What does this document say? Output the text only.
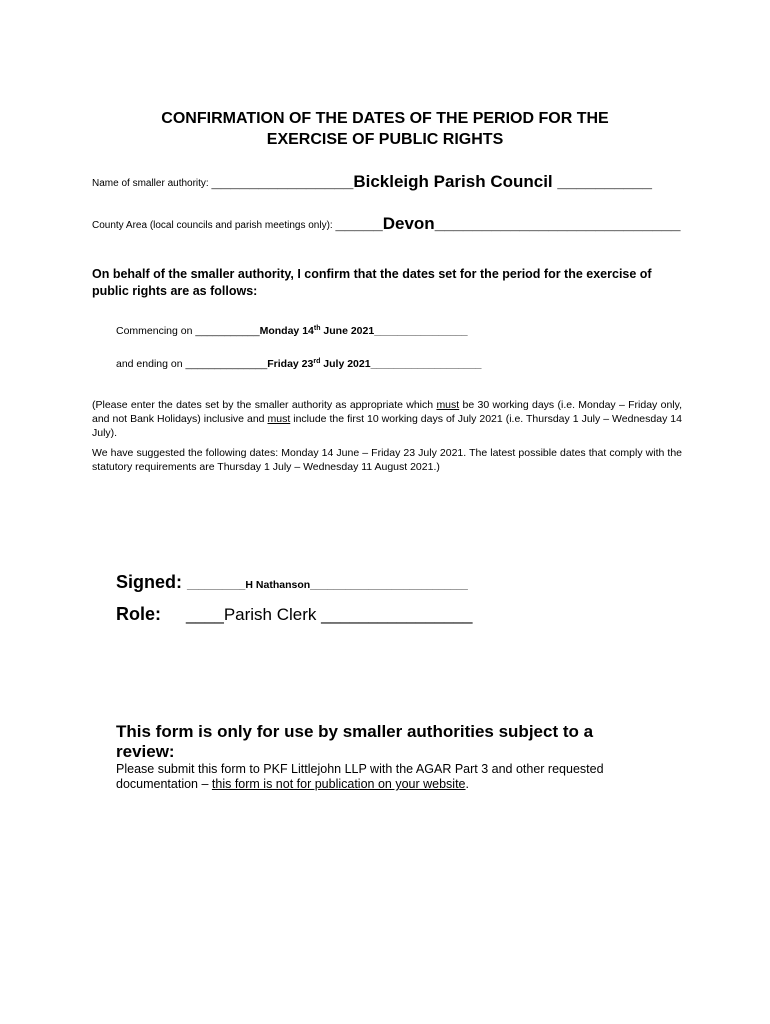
CONFIRMATION OF THE DATES OF THE PERIOD FOR THE
EXERCISE OF PUBLIC RIGHTS
Name of smaller authority: _______________Bickleigh Parish Council __________
County Area (local councils and parish meetings only): _____Devon__________________________
On behalf of the smaller authority, I confirm that the dates set for the period for the exercise of public rights are as follows:
Commencing on ___________Monday 14th June 2021________________
and ending on ______________Friday 23rd July 2021___________________
(Please enter the dates set by the smaller authority as appropriate which must be 30 working days (i.e. Monday – Friday only, and not Bank Holidays) inclusive and must include the first 10 working days of July 2021 (i.e. Thursday 1 July – Wednesday 14 July).
We have suggested the following dates: Monday 14 June – Friday 23 July 2021. The latest possible dates that comply with the statutory requirements are Thursday 1 July – Wednesday 11 August 2021.)
Signed: __________H Nathanson___________________________
Role: ____Parish Clerk ________________
This form is only for use by smaller authorities subject to a review:
Please submit this form to PKF Littlejohn LLP with the AGAR Part 3 and other requested documentation – this form is not for publication on your website.
